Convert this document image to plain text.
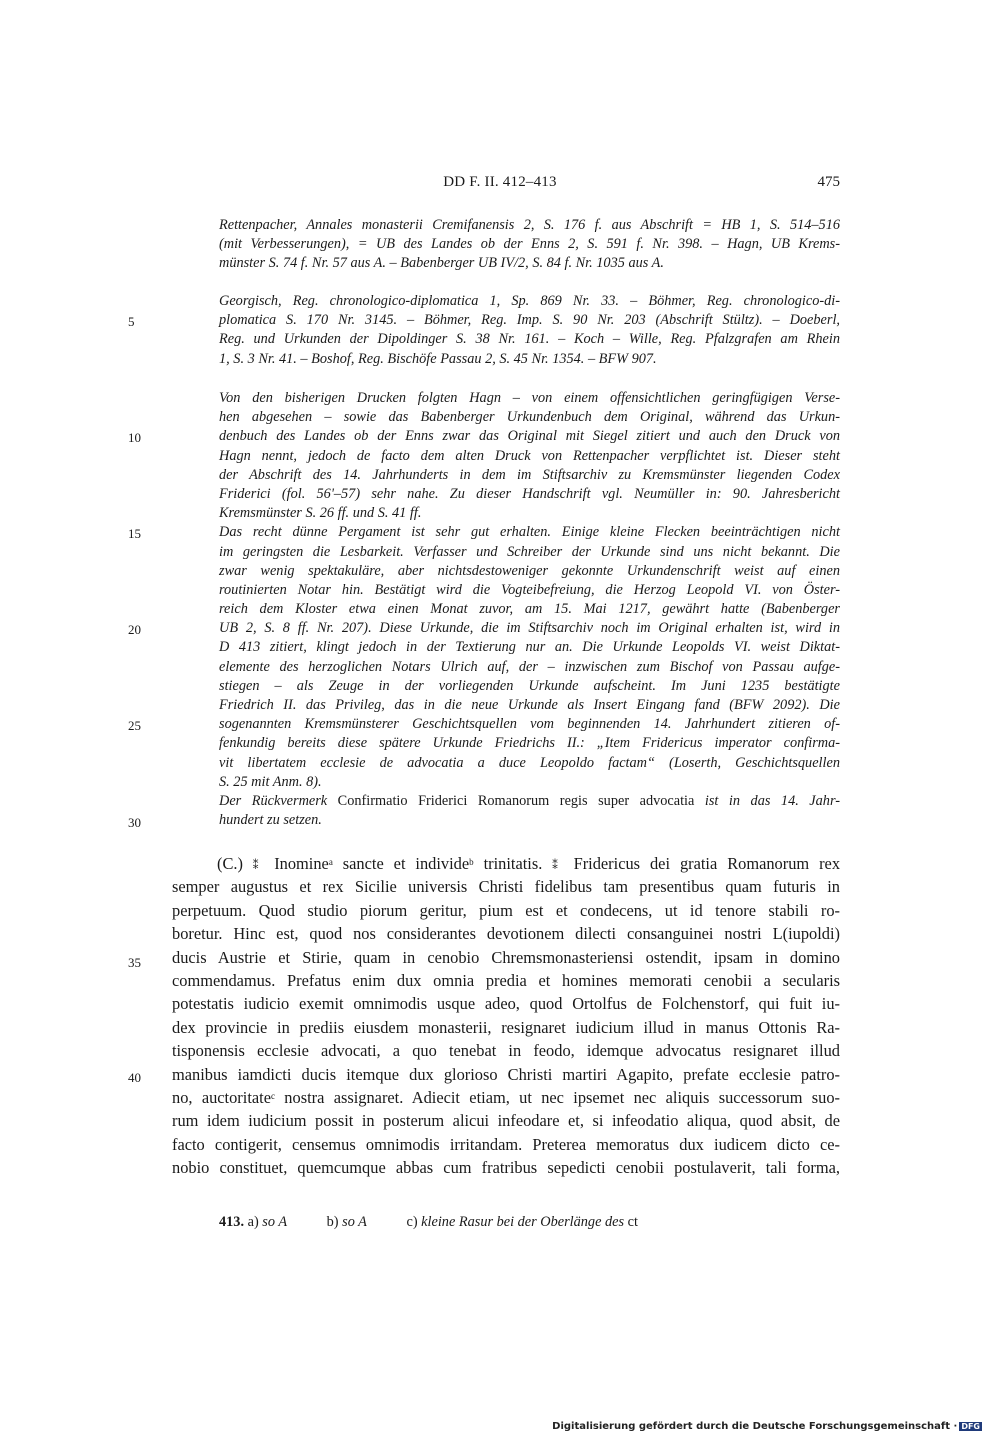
DD F. II. 412–413	475
5
10
15
20
25
30
35
40
Rettenpacher, Annales monasterii Cremifanensis 2, S. 176 f. aus Abschrift = HB 1, S. 514–516
(mit Verbesserungen), = UB des Landes ob der Enns 2, S. 591 f. Nr. 398. – Hagn, UB Krems-
münster S. 74 f. Nr. 57 aus A. – Babenberger UB IV/2, S. 84 f. Nr. 1035 aus A.
Georgisch, Reg. chronologico-diplomatica 1, Sp. 869 Nr. 33. – Böhmer, Reg. chronologico-di-
plomatica S. 170 Nr. 3145. – Böhmer, Reg. Imp. S. 90 Nr. 203 (Abschrift Stültz). – Doeberl,
Reg. und Urkunden der Dipoldinger S. 38 Nr. 161. – Koch – Wille, Reg. Pfalzgrafen am Rhein
1, S. 3 Nr. 41. – Boshof, Reg. Bischöfe Passau 2, S. 45 Nr. 1354. – BFW 907.
Von den bisherigen Drucken folgten Hagn – von einem offensichtlichen geringfügigen Verse-
hen abgesehen – sowie das Babenberger Urkundenbuch dem Original, während das Urkun-
denbuch des Landes ob der Enns zwar das Original mit Siegel zitiert und auch den Druck von
Hagn nennt, jedoch de facto dem alten Druck von Rettenpacher verpflichtet ist. Dieser steht
der Abschrift des 14. Jahrhunderts in dem im Stiftsarchiv zu Kremsmünster liegenden Codex
Friderici (fol. 56'–57) sehr nahe. Zu dieser Handschrift vgl. Neumüller in: 90. Jahresbericht
Kremsmünster S. 26 ff. und S. 41 ff.
Das recht dünne Pergament ist sehr gut erhalten. Einige kleine Flecken beeinträchtigen nicht
im geringsten die Lesbarkeit. Verfasser und Schreiber der Urkunde sind uns nicht bekannt. Die
zwar wenig spektakuläre, aber nichtsdestoweniger gekonnte Urkundenschrift weist auf einen
routinierten Notar hin. Bestätigt wird die Vogteibefreiung, die Herzog Leopold VI. von Öster-
reich dem Kloster etwa einen Monat zuvor, am 15. Mai 1217, gewährt hatte (Babenberger
UB 2, S. 8 ff. Nr. 207). Diese Urkunde, die im Stiftsarchiv noch im Original erhalten ist, wird in
D 413 zitiert, klingt jedoch in der Textierung nur an. Die Urkunde Leopolds VI. weist Diktat-
elemente des herzoglichen Notars Ulrich auf, der – inzwischen zum Bischof von Passau aufge-
stiegen – als Zeuge in der vorliegenden Urkunde aufscheint. Im Juni 1235 bestätigte
Friedrich II. das Privileg, das in die neue Urkunde als Insert Eingang fand (BFW 2092). Die
sogenannten Kremsmünsterer Geschichtsquellen vom beginnenden 14. Jahrhundert zitieren of-
fenkundig bereits diese spätere Urkunde Friedrichs II.: „Item Fridericus imperator confirma-
vit libertatem ecclesie de advocatia a duce Leopoldo factam“ (Loserth, Geschichtsquellen
S. 25 mit Anm. 8).
Der Rückvermerk Confirmatio Friderici Romanorum regis super advocatia ist in das 14. Jahr-
hundert zu setzen.
(C.) ⁑ Inomine$^a$ sancte et individe$^b$ trinitatis. ⁑ Fridericus dei gratia Romanorum rex
semper augustus et rex Sicilie universis Christi fidelibus tam presentibus quam futuris in
perpetuum. Quod studio piorum geritur, pium est et condecens, ut id tenore stabili ro-
boretur. Hinc est, quod nos considerantes devotionem dilecti consanguinei nostri L(iupoldi)
ducis Austrie et Stirie, quam in cenobio Chremsmonasteriensi ostendit, ipsam in domino
commendamus. Prefatus enim dux omnia predia et homines memorati cenobii a secularis
potestatis iudicio exemit omnimodis usque adeo, quod Ortolfus de Folchenstorf, qui fuit iu-
dex provincie in prediis eiusdem monasterii, resignaret iudicium illud in manus Ottonis Ra-
tisponensis ecclesie advocati, a quo tenebat in feodo, idemque advocatus resignaret illud
manibus iamdicti ducis itemque dux glorioso Christi martiri Agapito, prefate ecclesie patro-
no, auctoritate$^c$ nostra assignaret. Adiecit etiam, ut nec ipsemet nec aliquis successorum suo-
rum idem iudicium possit in posterum alicui infeodare et, si infeodatio aliqua, quod absit, de
facto contigerit, censemus omnimodis irritandam. Preterea memoratus dux iudicem dicto ce-
nobio constituet, quemcumque abbas cum fratribus sepedicti cenobii postulaverit, tali forma,
413. a) so A	b) so A	c) kleine Rasur bei der Oberlänge des ct
Digitalisierung gefördert durch die Deutsche Forschungsgemeinschaft · DFG
